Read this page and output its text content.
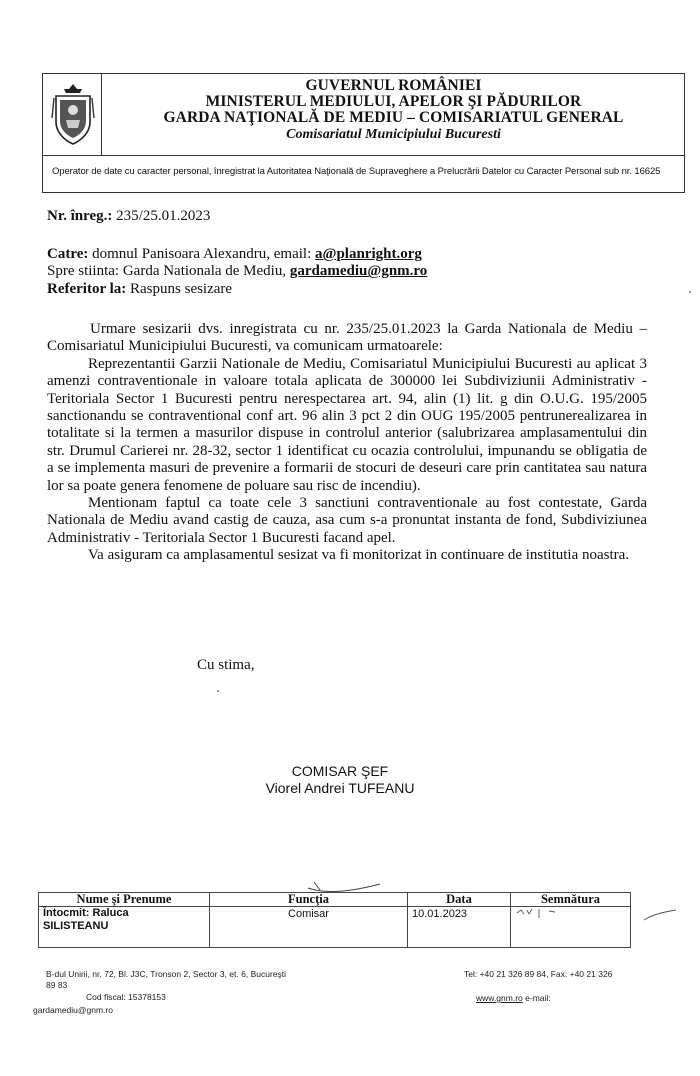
GUVERNUL ROMÂNIEI
MINISTERUL MEDIULUI, APELOR ŞI PĂDURILOR
GARDA NAŢIONALĂ DE MEDIU – COMISARIATUL GENERAL
Comisariatul Municipiului Bucuresti
Operator de date cu caracter personal, înregistrat la Autoritatea Naţională de Supraveghere a Prelucrării Datelor cu Caracter Personal sub nr. 16625
Nr. înreg.: 235/25.01.2023
Catre: domnul Panisoara Alexandru, email: a@planright.org
Spre stiinta: Garda Nationala de Mediu, gardamediu@gnm.ro
Referitor la: Raspuns sesizare

Urmare sesizarii dvs. inregistrata cu nr. 235/25.01.2023 la Garda Nationala de Mediu – Comisariatul Municipiului Bucuresti, va comunicam urmatoarele:

Reprezentantii Garzii Nationale de Mediu, Comisariatul Municipiului Bucuresti au aplicat 3 amenzi contraventionale in valoare totala aplicata de 300000 lei Subdiviziunii Administrativ - Teritoriala Sector 1 Bucuresti pentru nerespectarea art. 94, alin (1) lit. g din O.U.G. 195/2005 sanctionandu se contraventional conf art. 96 alin 3 pct 2 din OUG 195/2005 pentrunerealizarea in totalitate si la termen a masurilor dispuse in controlul anterior (salubrizarea amplasamentului din str. Drumul Carierei nr. 28-32, sector 1 identificat cu ocazia controlului, impunandu se obligatia de a se implementa masuri de prevenire a formarii de stocuri de deseuri care prin cantitatea sau natura lor sa poate genera fenomene de poluare sau risc de incendiu).

Mentionam faptul ca toate cele 3 sanctiuni contraventionale au fost contestate, Garda Nationala de Mediu avand castig de cauza, asa cum s-a pronuntat instanta de fond, Subdiviziunea Administrativ - Teritoriala Sector 1 Bucuresti facand apel.

Va asiguram ca amplasamentul sesizat va fi monitorizat in continuare de institutia noastra.

Cu stima,
COMISAR ŞEF
Viorel Andrei TUFEANU
Nume şi Prenume	Funcţia	Data	Semnătura

Întocmit: Raluca
SILISTEANU	Comisar	10.01.2023	
B-dul Unirii, nr. 72, Bl. J3C, Tronson 2, Sector 3, et. 6, Bucureşti
89 83
Cod fiscal: 15378153
gardamediu@gnm.ro
Tel: +40 21 326 89 84, Fax: +40 21 326
www.gnm.ro e-mail:
